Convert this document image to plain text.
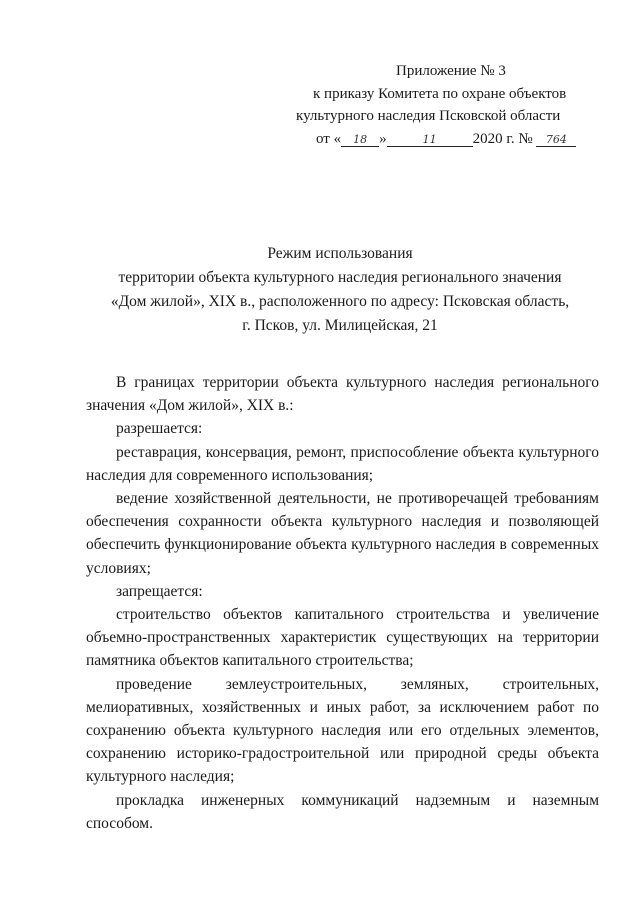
Приложение № 3
к приказу Комитета по охране объектов
культурного наследия Псковской области
от « 18 »	11 2020 г. № 764
Режим использования
территории объекта культурного наследия регионального значения
«Дом жилой», XIX в., расположенного по адресу: Псковская область,
г. Псков, ул. Милицейская, 21

В границах территории объекта культурного наследия регионального значения «Дом жилой», XIX в.:

разрешается:

реставрация, консервация, ремонт, приспособление объекта культурного наследия для современного использования;

ведение хозяйственной деятельности, не противоречащей требованиям обеспечения сохранности объекта культурного наследия и позволяющей обеспечить функционирование объекта культурного наследия в современных условиях;

запрещается:

строительство объектов капитального строительства и увеличение объемно-пространственных характеристик существующих на территории памятника объектов капитального строительства;

проведение землеустроительных, земляных, строительных, мелиоративных, хозяйственных и иных работ, за исключением работ по сохранению объекта культурного наследия или его отдельных элементов, сохранению историко-градостроительной или природной среды объекта культурного наследия;

прокладка инженерных коммуникаций надземным и наземным способом.
